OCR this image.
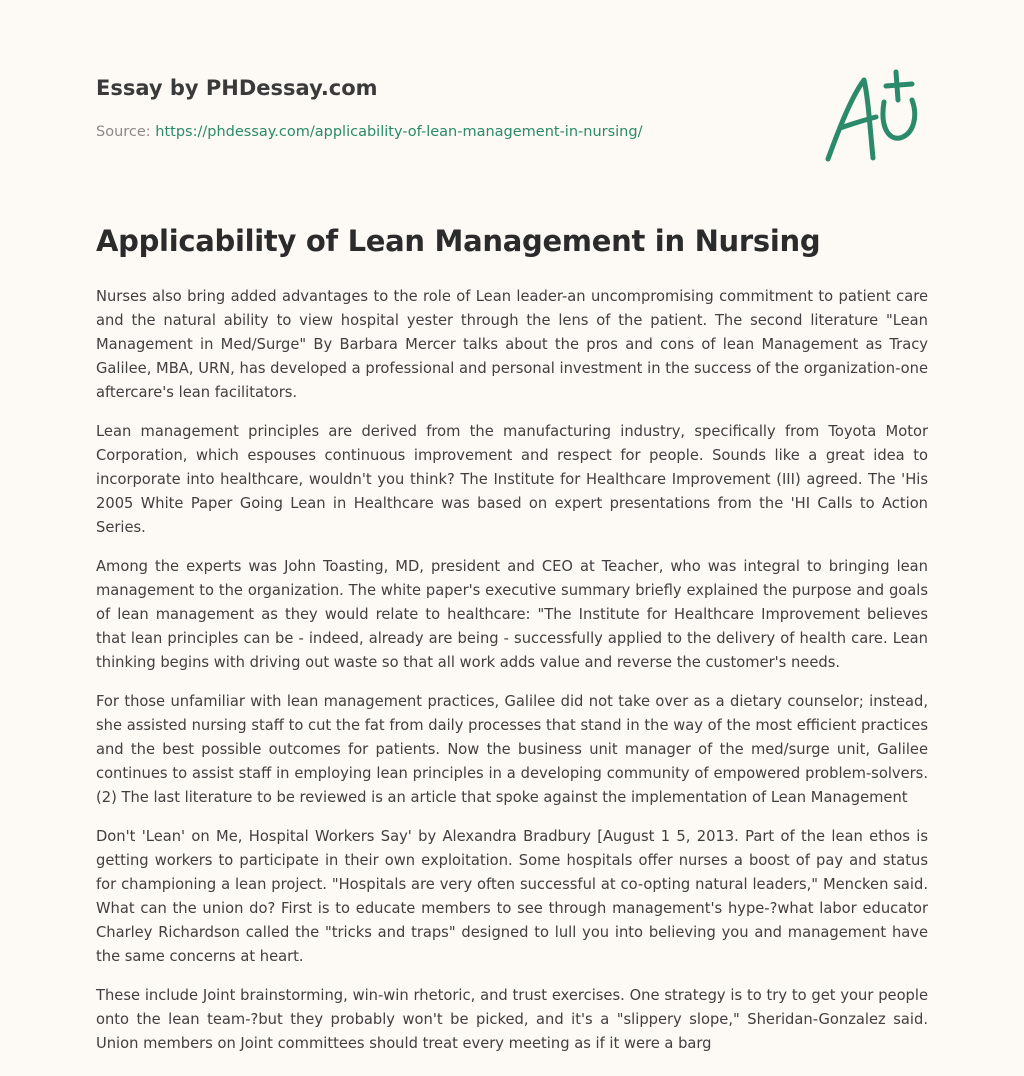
Essay by PHDessay.com
Source: https://phdessay.com/applicability-of-lean-management-in-nursing/
Applicability of Lean Management in Nursing

Nurses also bring added advantages to the role of Lean leader-an uncompromising commitment to patient care and the natural ability to view hospital yester through the lens of the patient. The second literature "Lean Management in Med/Surge" By Barbara Mercer talks about the pros and cons of lean Management as Tracy Galilee, MBA, URN, has developed a professional and personal investment in the success of the organization-one aftercare's lean facilitators.

Lean management principles are derived from the manufacturing industry, specifically from Toyota Motor Corporation, which espouses continuous improvement and respect for people. Sounds like a great idea to incorporate into healthcare, wouldn't you think? The Institute for Healthcare Improvement (III) agreed. The 'His 2005 White Paper Going Lean in Healthcare was based on expert presentations from the 'HI Calls to Action Series.

Among the experts was John Toasting, MD, president and CEO at Teacher, who was integral to bringing lean management to the organization. The white paper's executive summary briefly explained the purpose and goals of lean management as they would relate to healthcare: "The Institute for Healthcare Improvement believes that lean principles can be - indeed, already are being - successfully applied to the delivery of health care. Lean thinking begins with driving out waste so that all work adds value and reverse the customer's needs.

For those unfamiliar with lean management practices, Galilee did not take over as a dietary counselor; instead, she assisted nursing staff to cut the fat from daily processes that stand in the way of the most efficient practices and the best possible outcomes for patients. Now the business unit manager of the med/surge unit, Galilee continues to assist staff in employing lean principles in a developing community of empowered problem-solvers. (2) The last literature to be reviewed is an article that spoke against the implementation of Lean Management

Don't 'Lean' on Me, Hospital Workers Say' by Alexandra Bradbury [August 1 5, 2013. Part of the lean ethos is getting workers to participate in their own exploitation. Some hospitals offer nurses a boost of pay and status for championing a lean project. "Hospitals are very often successful at co-opting natural leaders," Mencken said. What can the union do? First is to educate members to see through management's hype-?what labor educator Charley Richardson called the "tricks and traps" designed to lull you into believing you and management have the same concerns at heart.

These include Joint brainstorming, win-win rhetoric, and trust exercises. One strategy is to try to get your people onto the lean team-?but they probably won't be picked, and it's a "slippery slope," Sheridan-Gonzalez said. Union members on Joint committees should treat every meeting as if it were a barg
